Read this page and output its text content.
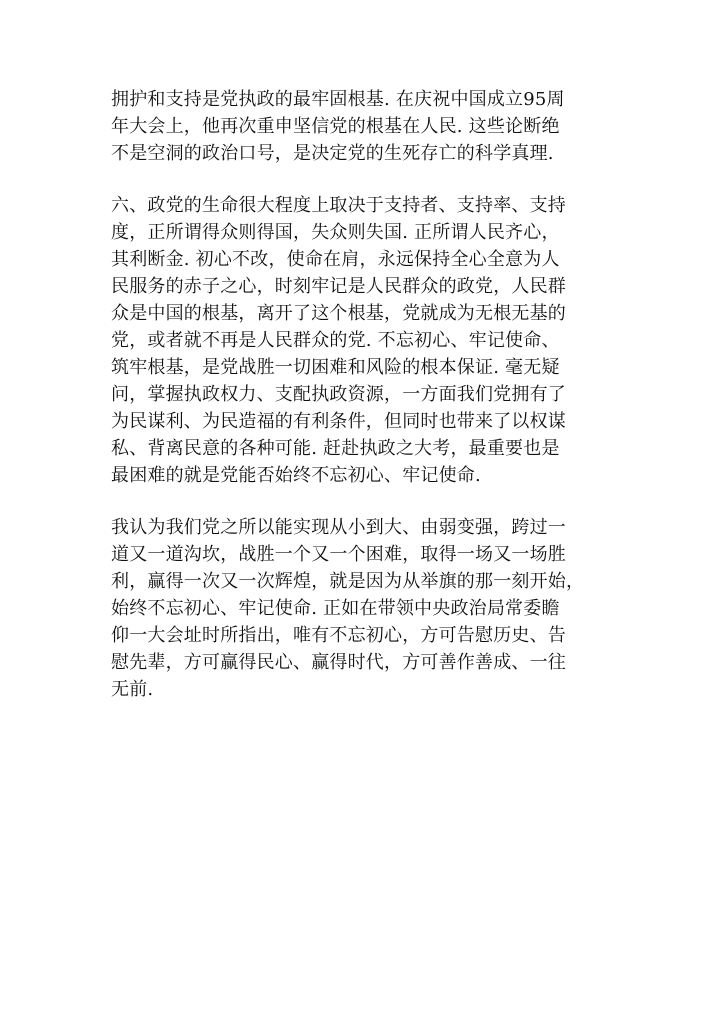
拥护和支持是党执政的最牢固根基. 在庆祝中国成立95周
年大会上，他再次重申坚信党的根基在人民. 这些论断绝
不是空洞的政治口号，是决定党的生死存亡的科学真理.

六、政党的生命很大程度上取决于支持者、支持率、支持
度，正所谓得众则得国，失众则失国. 正所谓人民齐心，
其利断金. 初心不改，使命在肩，永远保持全心全意为人
民服务的赤子之心，时刻牢记是人民群众的政党，人民群
众是中国的根基，离开了这个根基，党就成为无根无基的
党，或者就不再是人民群众的党. 不忘初心、牢记使命、
筑牢根基，是党战胜一切困难和风险的根本保证. 毫无疑
问，掌握执政权力、支配执政资源，一方面我们党拥有了
为民谋利、为民造福的有利条件，但同时也带来了以权谋
私、背离民意的各种可能. 赶赴执政之大考，最重要也是
最困难的就是党能否始终不忘初心、牢记使命.

我认为我们党之所以能实现从小到大、由弱变强，跨过一
道又一道沟坎，战胜一个又一个困难，取得一场又一场胜
利，赢得一次又一次辉煌，就是因为从举旗的那一刻开始，
始终不忘初心、牢记使命. 正如在带领中央政治局常委瞻
仰一大会址时所指出，唯有不忘初心，方可告慰历史、告
慰先辈，方可赢得民心、赢得时代，方可善作善成、一往
无前.
